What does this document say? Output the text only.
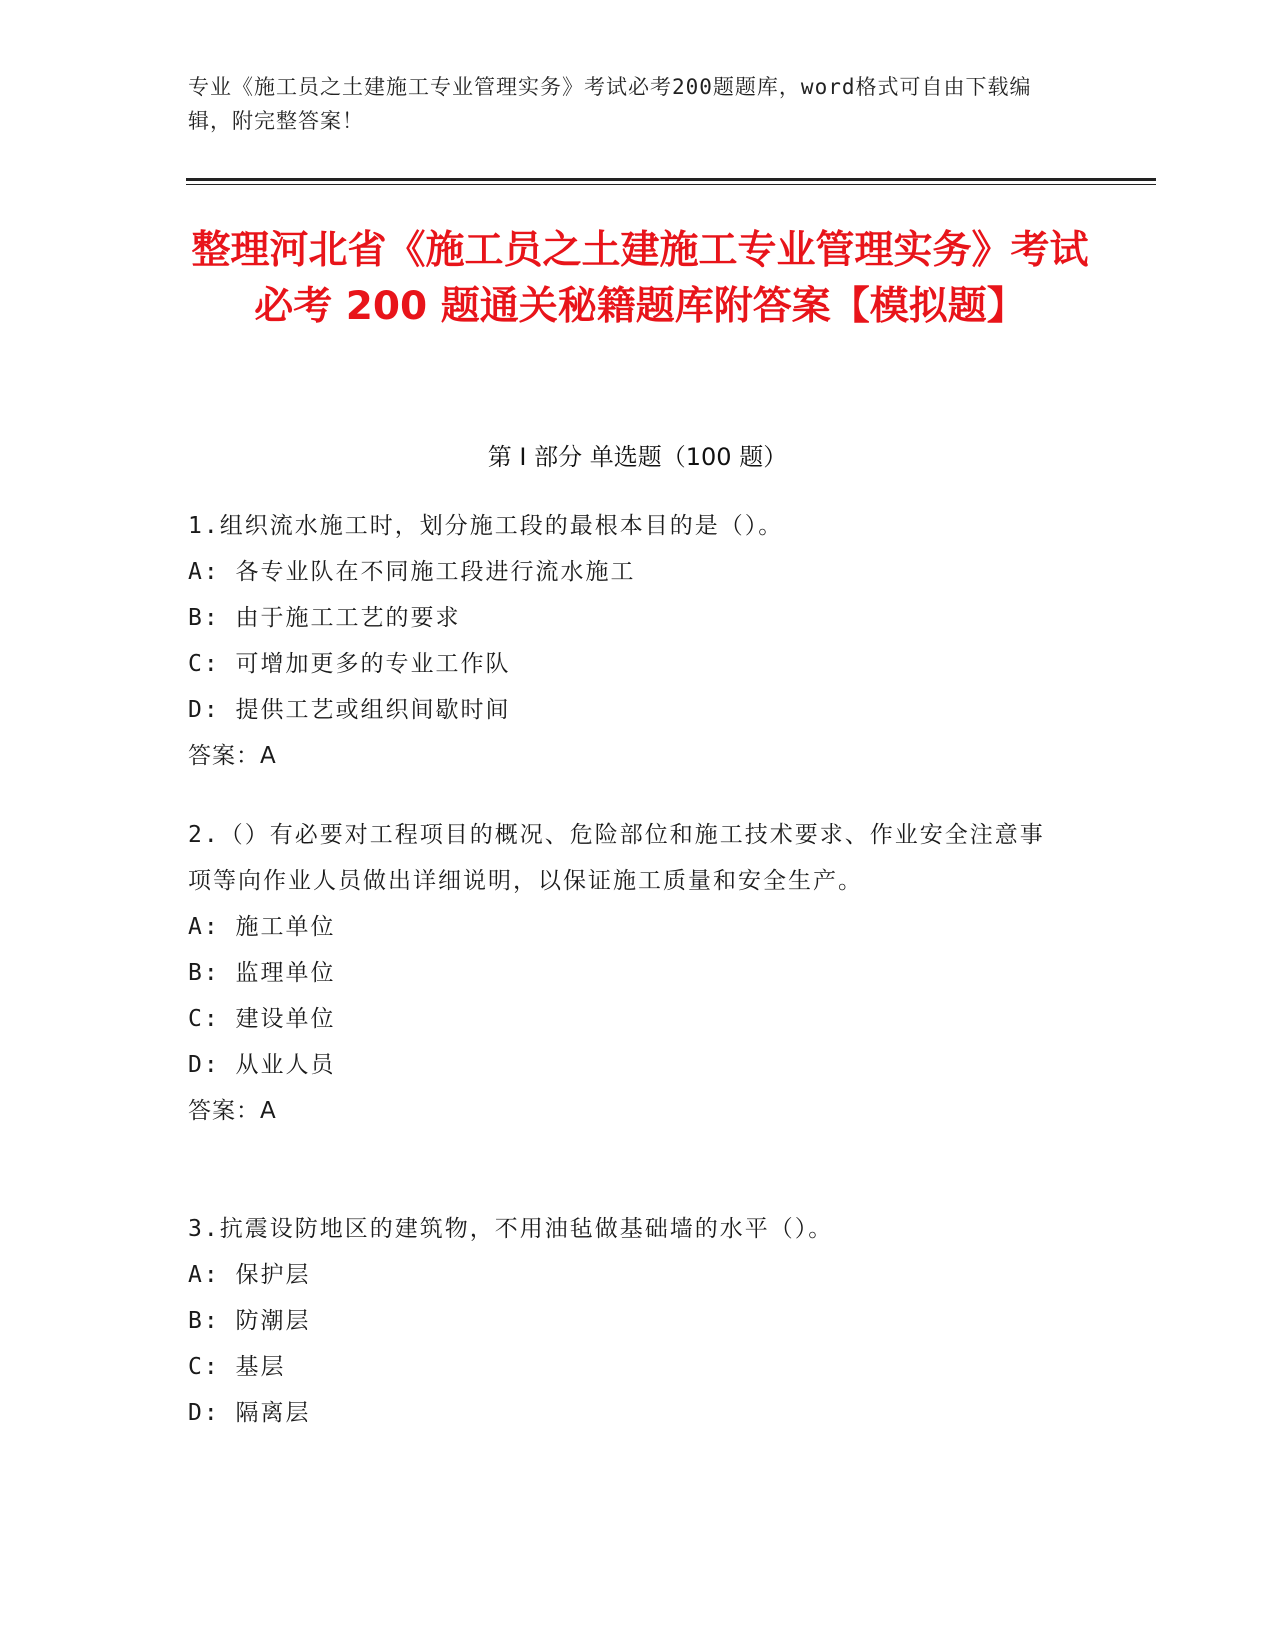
专业《施工员之土建施工专业管理实务》考试必考200题题库，word格式可自由下载编辑，附完整答案！
整理河北省《施工员之土建施工专业管理实务》考试必考 200 题通关秘籍题库附答案【模拟题】
第 I 部分 单选题（100 题）
1.组织流水施工时，划分施工段的最根本目的是（）。
A: 各专业队在不同施工段进行流水施工
B: 由于施工工艺的要求
C: 可增加更多的专业工作队
D: 提供工艺或组织间歇时间
答案：A
2.（）有必要对工程项目的概况、危险部位和施工技术要求、作业安全注意事项等向作业人员做出详细说明，以保证施工质量和安全生产。
A: 施工单位
B: 监理单位
C: 建设单位
D: 从业人员
答案：A
3.抗震设防地区的建筑物，不用油毡做基础墙的水平（）。
A: 保护层
B: 防潮层
C: 基层
D: 隔离层
